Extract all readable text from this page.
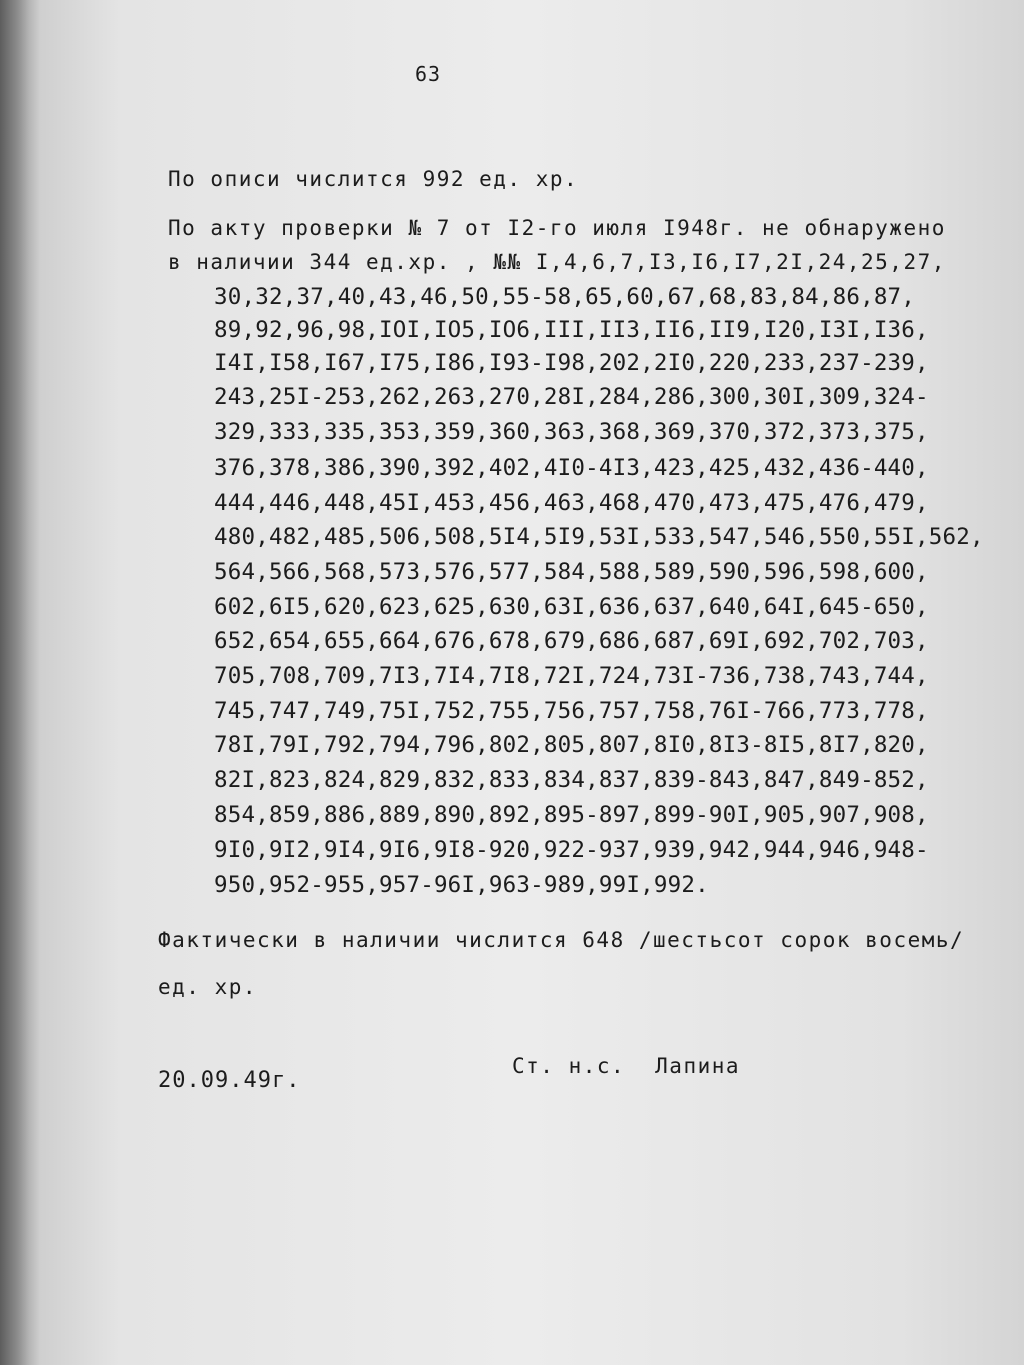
63
По описи числится 992 ед. хр.
По акту проверки № 7 от I2-го июля I948г. не обнаружено
в наличии 344 ед.хр. , №№ I,4,6,7,I3,I6,I7,2I,24,25,27,
30,32,37,40,43,46,50,55-58,65,60,67,68,83,84,86,87,
89,92,96,98,IOI,IO5,IO6,III,II3,II6,II9,I20,I3I,I36,
I4I,I58,I67,I75,I86,I93-I98,202,2I0,220,233,237-239,
243,25I-253,262,263,270,28I,284,286,300,30I,309,324-
329,333,335,353,359,360,363,368,369,370,372,373,375,
376,378,386,390,392,402,4I0-4I3,423,425,432,436-440,
444,446,448,45I,453,456,463,468,470,473,475,476,479,
480,482,485,506,508,5I4,5I9,53I,533,547,546,550,55I,562,
564,566,568,573,576,577,584,588,589,590,596,598,600,
602,6I5,620,623,625,630,63I,636,637,640,64I,645-650,
652,654,655,664,676,678,679,686,687,69I,692,702,703,
705,708,709,7I3,7I4,7I8,72I,724,73I-736,738,743,744,
745,747,749,75I,752,755,756,757,758,76I-766,773,778,
78I,79I,792,794,796,802,805,807,8I0,8I3-8I5,8I7,820,
82I,823,824,829,832,833,834,837,839-843,847,849-852,
854,859,886,889,890,892,895-897,899-90I,905,907,908,
9I0,9I2,9I4,9I6,9I8-920,922-937,939,942,944,946,948-
950,952-955,957-96I,963-989,99I,992.
Фактически в наличии числится 648 /шестьсот сорок восемь/
ед. хр.
20.09.49г.
Ст. н.с. Лапина
